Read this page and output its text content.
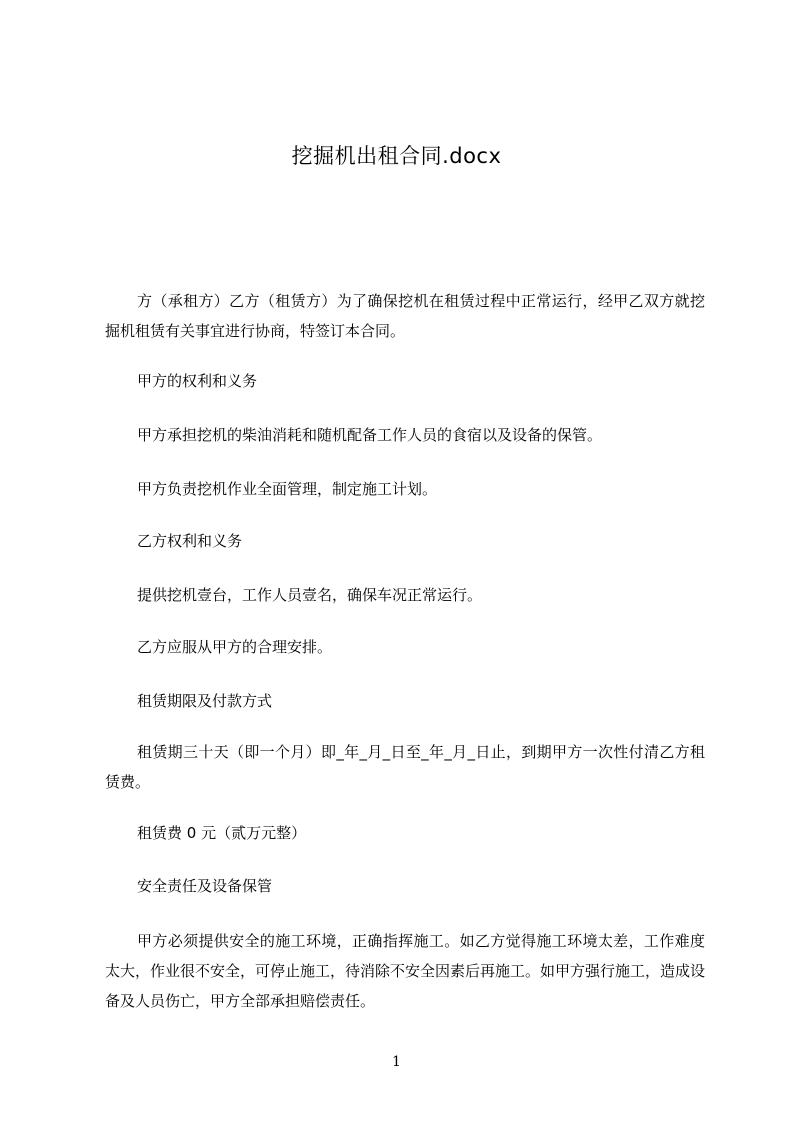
挖掘机出租合同.docx
方（承租方）乙方（租赁方）为了确保挖机在租赁过程中正常运行，经甲乙双方就挖掘机租赁有关事宜进行协商，特签订本合同。
甲方的权利和义务
甲方承担挖机的柴油消耗和随机配备工作人员的食宿以及设备的保管。
甲方负责挖机作业全面管理，制定施工计划。
乙方权利和义务
提供挖机壹台，工作人员壹名，确保车况正常运行。
乙方应服从甲方的合理安排。
租赁期限及付款方式
租赁期三十天（即一个月）即_年_月_日至_年_月_日止，到期甲方一次性付清乙方租赁费。
租赁费 0 元（贰万元整）
安全责任及设备保管
甲方必须提供安全的施工环境，正确指挥施工。如乙方觉得施工环境太差，工作难度太大，作业很不安全，可停止施工，待消除不安全因素后再施工。如甲方强行施工，造成设备及人员伤亡，甲方全部承担赔偿责任。
1
